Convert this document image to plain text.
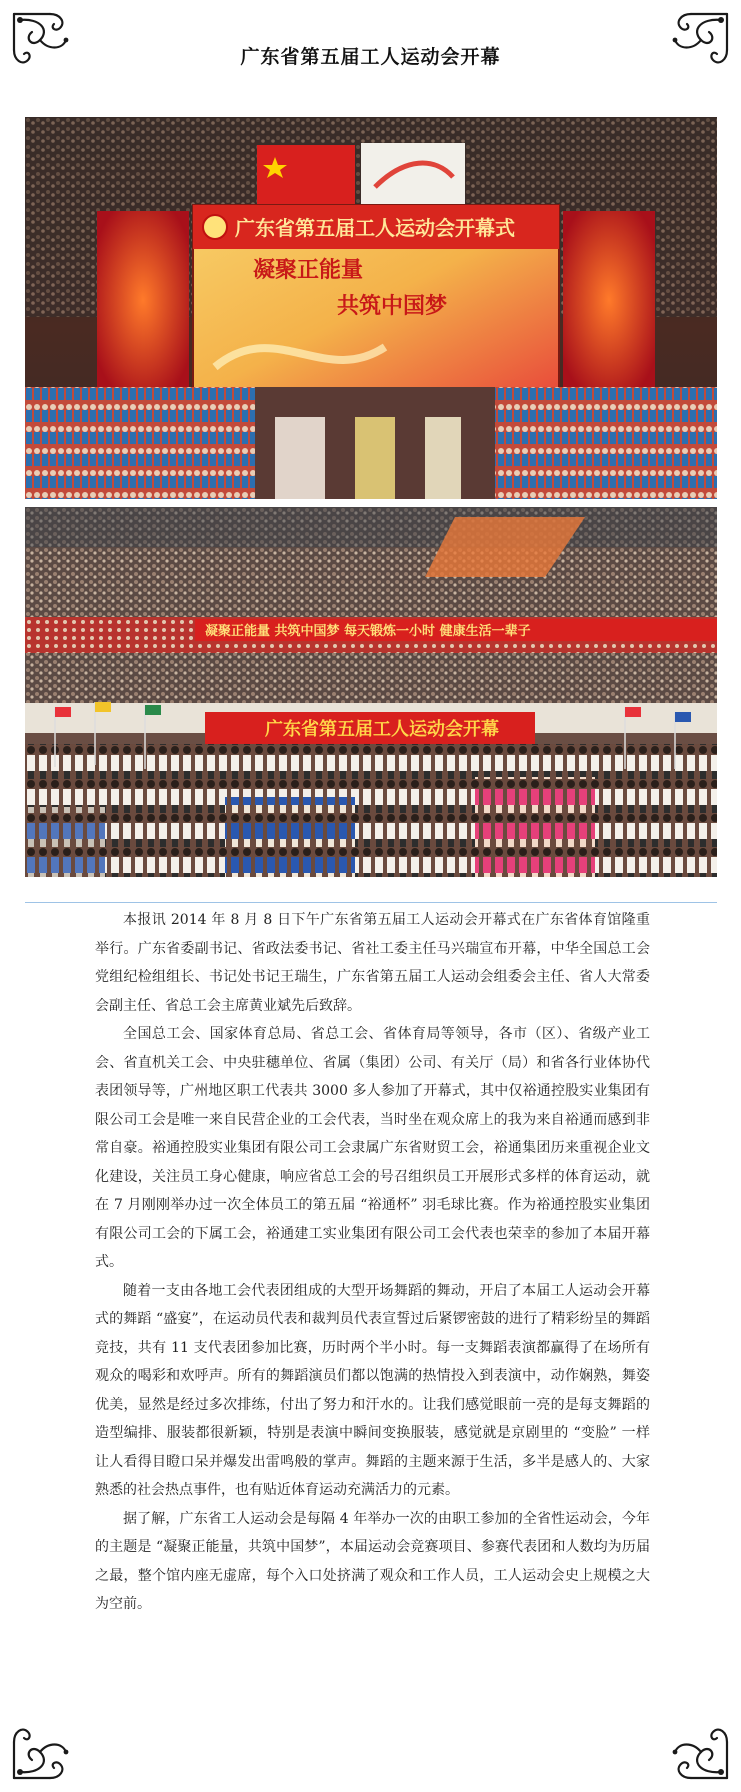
广东省第五届工人运动会开幕
广东省第五届工人运动会开幕式
凝聚正能量
共筑中国梦
凝聚正能量 共筑中国梦 每天锻炼一小时 健康生活一辈子
广东省第五届工人运动会开幕

本报讯 2014 年 8 月 8 日下午广东省第五届工人运动会开幕式在广东省体育馆隆重举行。广东省委副书记、省政法委书记、省社工委主任马兴瑞宣布开幕，中华全国总工会党组纪检组组长、书记处书记王瑞生，广东省第五届工人运动会组委会主任、省人大常委会副主任、省总工会主席黄业斌先后致辞。

全国总工会、国家体育总局、省总工会、省体育局等领导，各市（区）、省级产业工会、省直机关工会、中央驻穗单位、省属（集团）公司、有关厅（局）和省各行业体协代表团领导等，广州地区职工代表共 3000 多人参加了开幕式，其中仅裕通控股实业集团有限公司工会是唯一来自民营企业的工会代表，当时坐在观众席上的我为来自裕通而感到非常自豪。裕通控股实业集团有限公司工会隶属广东省财贸工会，裕通集团历来重视企业文化建设，关注员工身心健康，响应省总工会的号召组织员工开展形式多样的体育运动，就在 7 月刚刚举办过一次全体员工的第五届 “裕通杯” 羽毛球比赛。作为裕通控股实业集团有限公司工会的下属工会，裕通建工实业集团有限公司工会代表也荣幸的参加了本届开幕式。

随着一支由各地工会代表团组成的大型开场舞蹈的舞动，开启了本届工人运动会开幕式的舞蹈 “盛宴”，在运动员代表和裁判员代表宣誓过后紧锣密鼓的进行了精彩纷呈的舞蹈竞技，共有 11 支代表团参加比赛，历时两个半小时。每一支舞蹈表演都赢得了在场所有观众的喝彩和欢呼声。所有的舞蹈演员们都以饱满的热情投入到表演中，动作娴熟，舞姿优美，显然是经过多次排练，付出了努力和汗水的。让我们感觉眼前一亮的是每支舞蹈的造型编排、服装都很新颖，特别是表演中瞬间变换服装，感觉就是京剧里的 “变脸” 一样让人看得目瞪口呆并爆发出雷鸣般的掌声。舞蹈的主题来源于生活，多半是感人的、大家熟悉的社会热点事件，也有贴近体育运动充满活力的元素。

据了解，广东省工人运动会是每隔 4 年举办一次的由职工参加的全省性运动会，今年的主题是 “凝聚正能量，共筑中国梦”，本届运动会竞赛项目、参赛代表团和人数均为历届之最，整个馆内座无虚席，每个入口处挤满了观众和工作人员，工人运动会史上规模之大为空前。
